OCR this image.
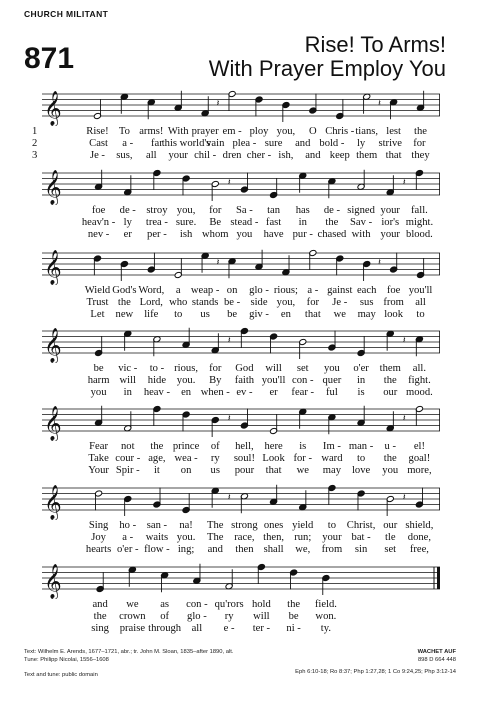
CHURCH MILITANT
871	Rise! To Arms!
With Prayer Employ You
𝄞	𝄽	𝄽
1	Rise! To arms! With prayer em - ploy you, O Chris - tians, lest the
2	Cast a - far
this world's
vain plea - sure and bold - ly strive for
3	Je - sus, all your chil - dren cher - ish, and keep them that they
𝄞	𝄽	𝄽
foe de - stroy you, for Sa - tan has de - signed your fall.
heav'n - ly trea - sure. Be stead - fast in the Sav - ior's might.
nev - er per - ish whom you have pur - chased with your blood.
𝄞	𝄽	𝄽
Wield God's Word, a weap - on glo - rious; a - gainst each foe you'll
Trust the Lord, who stands be - side you, for Je - sus from all
Let new life to us be giv - en that we may look to
𝄞	𝄽	𝄽
be vic - to - rious, for God will set you o'er them all.
harm will hide you. By faith you'll con - quer in the fight.
you in heav - en when - ev - er fear - ful is our mood.
𝄞	𝄽	𝄽
Fear not the prince of hell, here is Im - man - u - el!
Take cour - age, wea - ry soul! Look for - ward to the goal!
Your Spir - it on us pour that we may love you more,
𝄞	𝄽	𝄽
Sing ho - san - na! The strong ones yield to Christ, our shield,
Joy a - waits you. The race, then, run; your bat - tle done,
hearts o'er - flow - ing; and then shall we, from sin set free,
𝄞
and we as con - qu'rors hold the field.
the crown of glo - ry will be won.
sing praise through all e - ter - ni - ty.
Text: Wilhelm E. Arends, 1677–1721, abr.; tr. John M. Sloan, 1835–after 1890, alt.
Tune: Philipp Nicolai, 1556–1608
Text and tune: public domain
WACHET AUF
898 D 664 448
Eph 6:10-18; Ro 8:37; Php 1:27,28; 1 Co 9:24,25; Php 3:12-14
